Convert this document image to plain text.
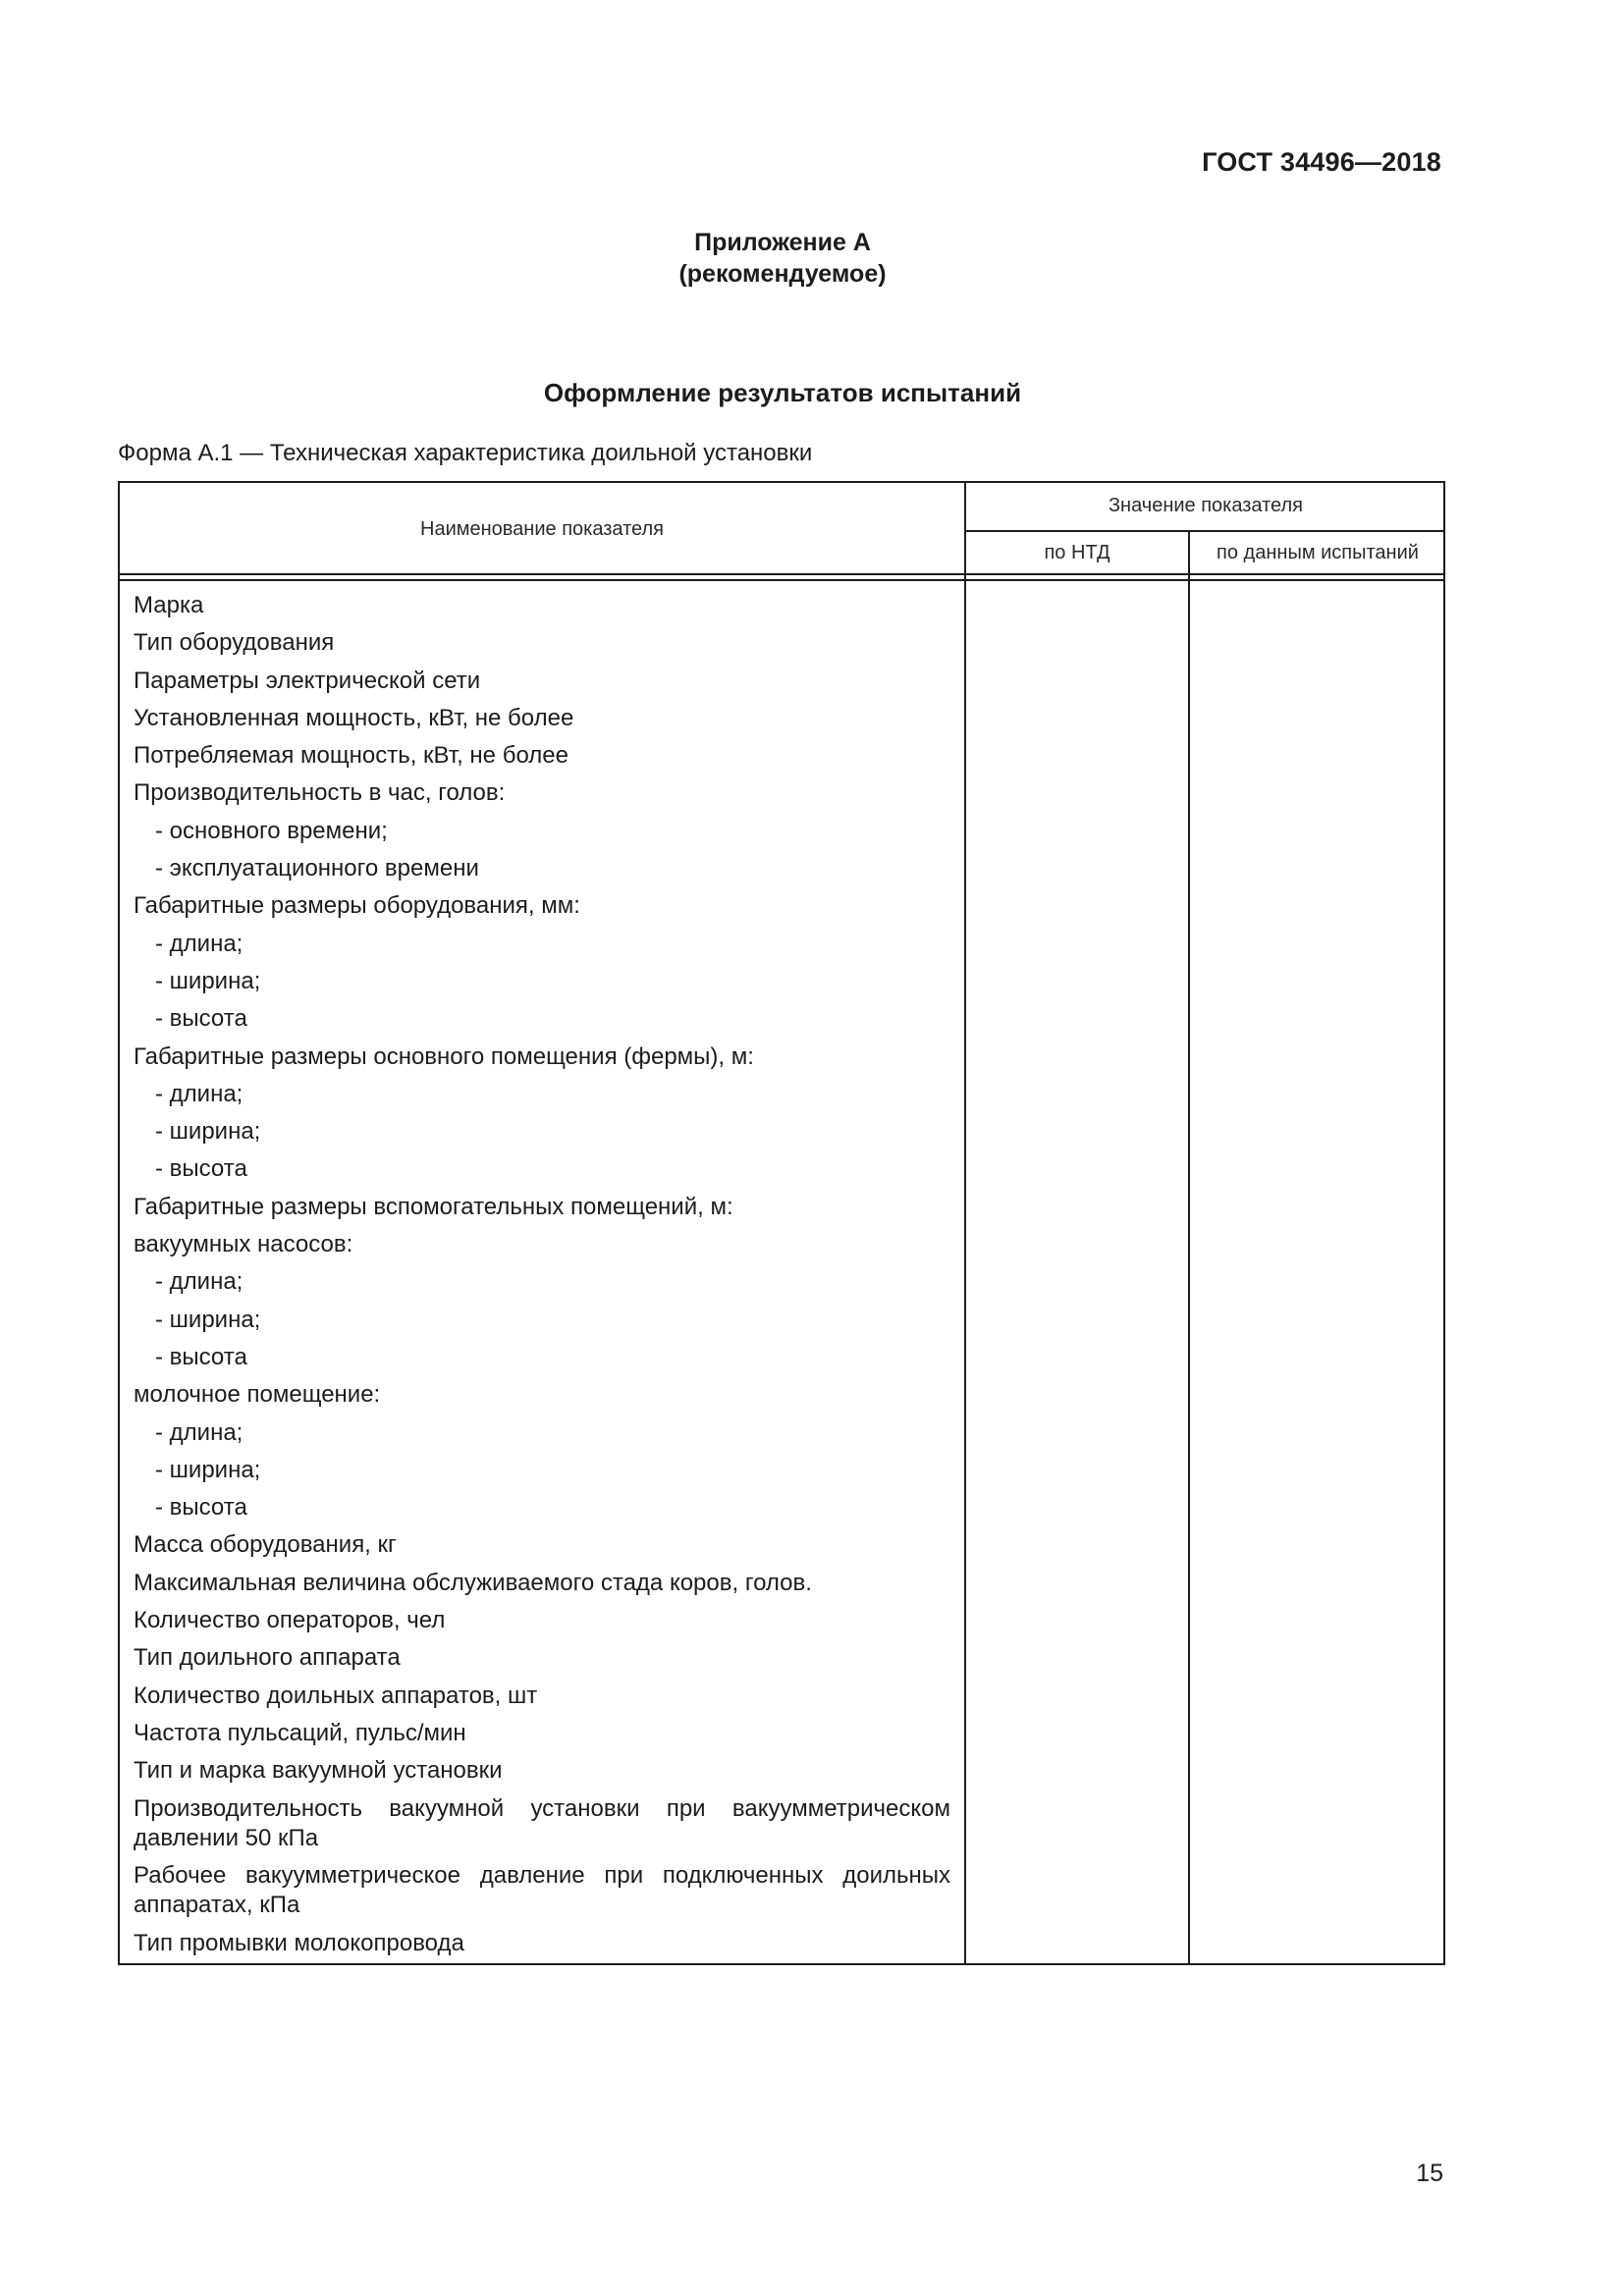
ГОСТ 34496—2018
Приложение А
(рекомендуемое)
Оформление результатов испытаний
Форма А.1 — Техническая характеристика доильной установки
Наименование показателя
Значение показателя
по НТД	по данным испытаний
Марка
Тип оборудования
Параметры электрической сети
Установленная мощность, кВт, не более
Потребляемая мощность, кВт, не более
Производительность в час, голов:
- основного времени;
- эксплуатационного времени
Габаритные размеры оборудования, мм:
- длина;
- ширина;
- высота
Габаритные размеры основного помещения (фермы), м:
- длина;
- ширина;
- высота
Габаритные размеры вспомогательных помещений, м:
вакуумных насосов:
- длина;
- ширина;
- высота
молочное помещение:
- длина;
- ширина;
- высота
Масса оборудования, кг
Максимальная величина обслуживаемого стада коров, голов.
Количество операторов, чел
Тип доильного аппарата
Количество доильных аппаратов, шт
Частота пульсаций, пульс/мин
Тип и марка вакуумной установки
Производительность вакуумной установки при вакуумметрическом
давлении 50 кПа
Рабочее вакуумметрическое давление при подключенных доильных
аппаратах, кПа
Тип промывки молокопровода
15
